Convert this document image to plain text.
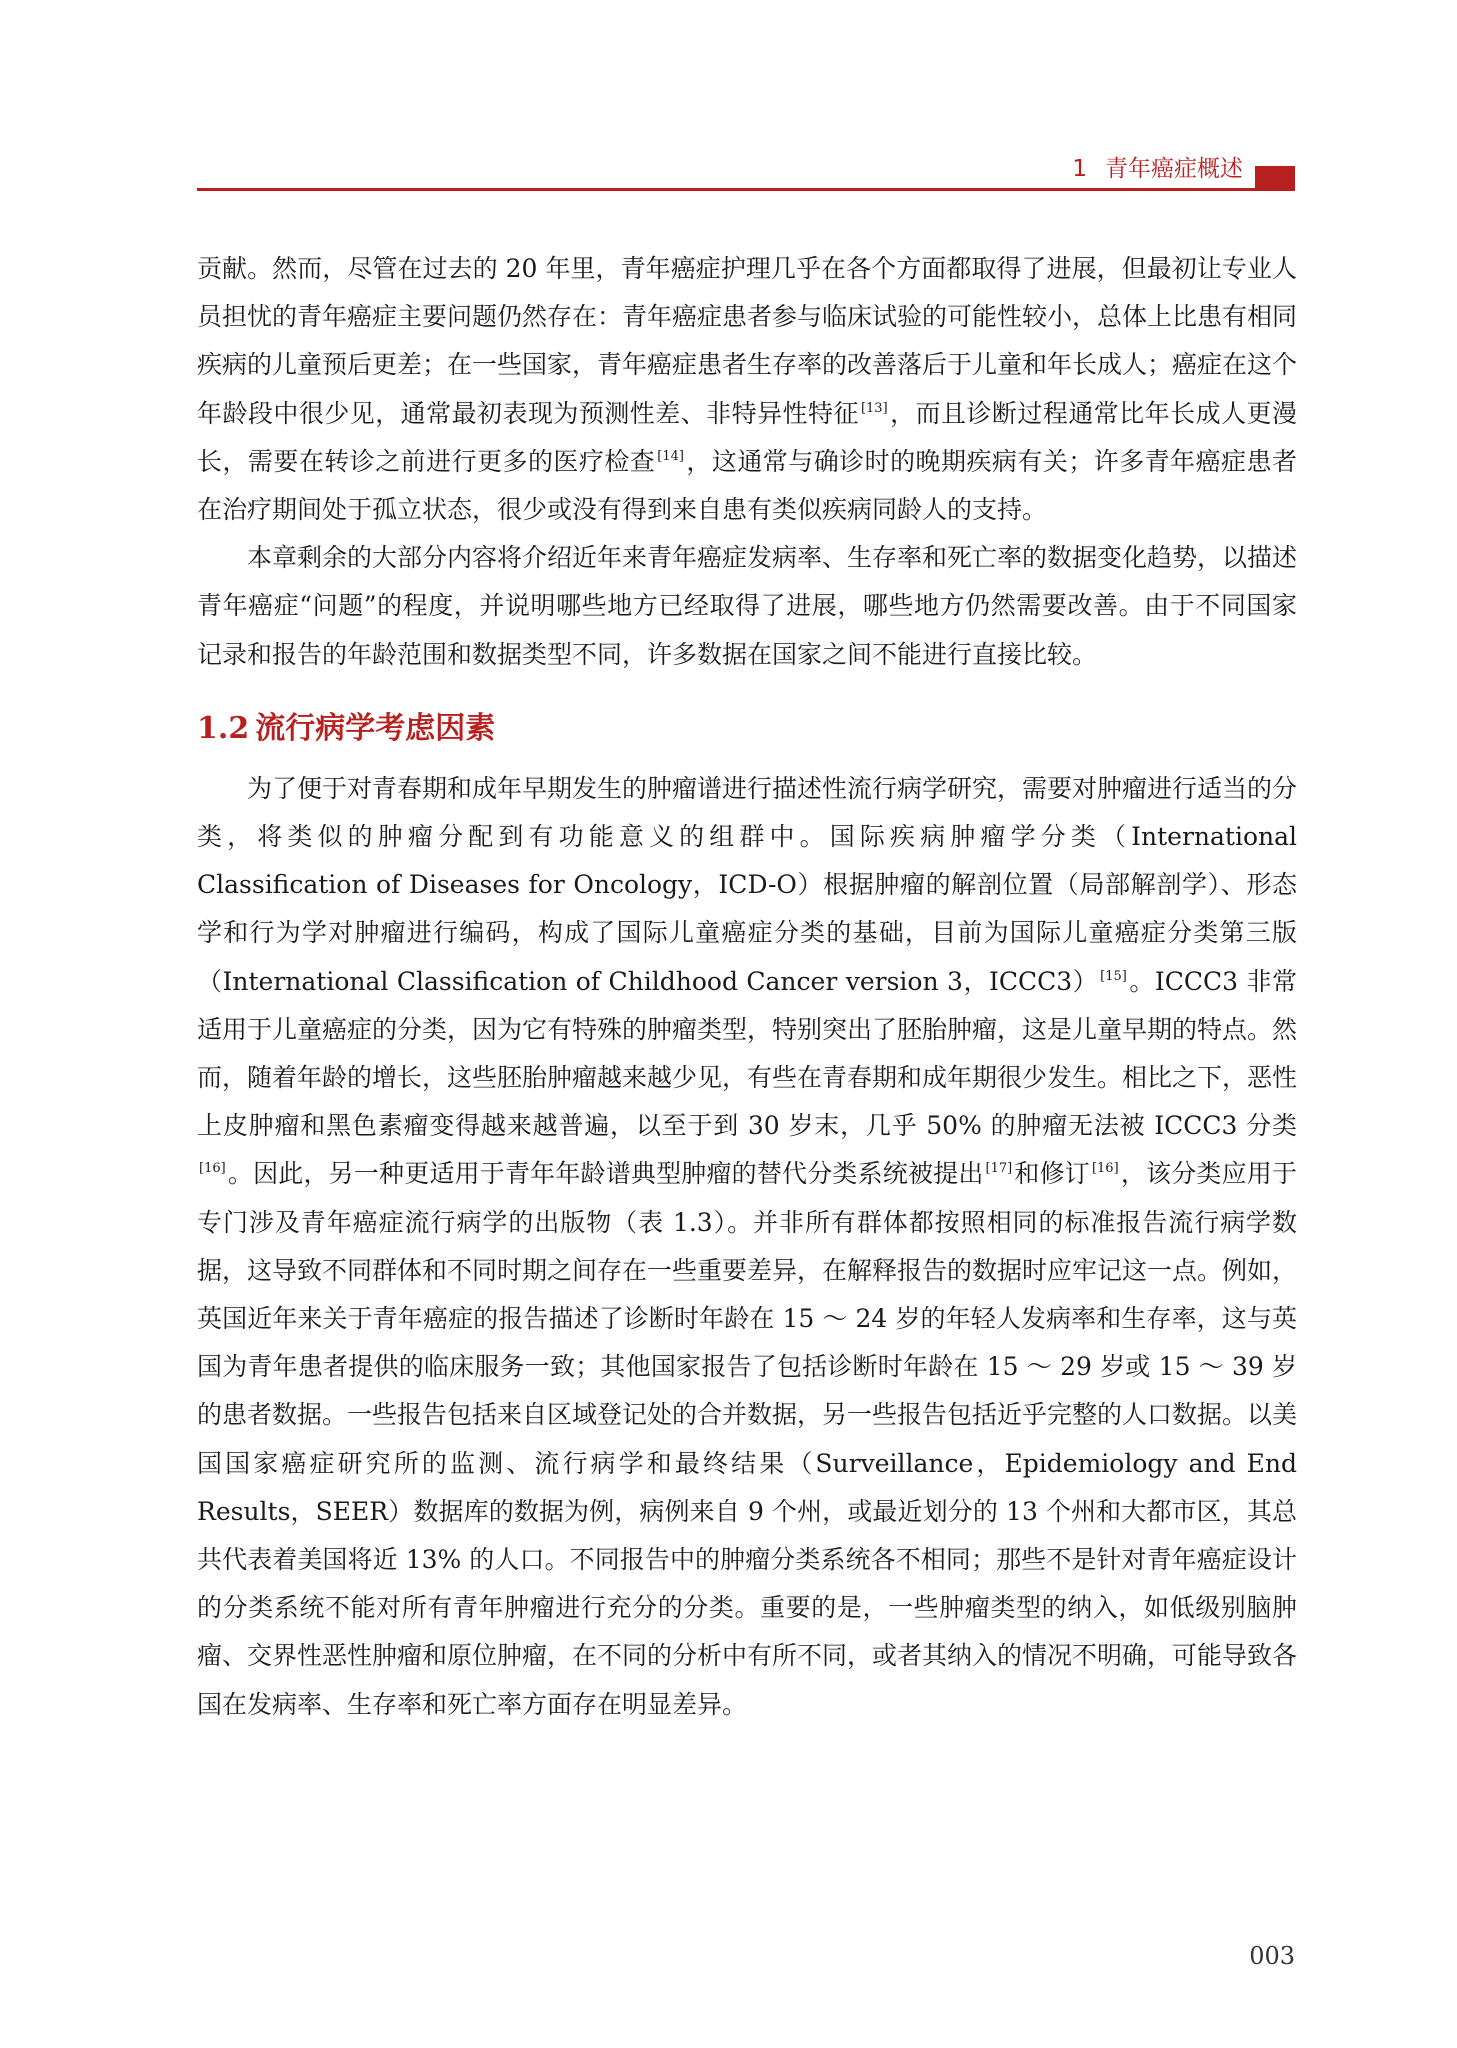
1 青年癌症概述

贡献。然而，尽管在过去的 20 年里，青年癌症护理几乎在各个方面都取得了进展，但最初让专业人员担忧的青年癌症主要问题仍然存在：青年癌症患者参与临床试验的可能性较小，总体上比患有相同疾病的儿童预后更差；在一些国家，青年癌症患者生存率的改善落后于儿童和年长成人；癌症在这个年龄段中很少见，通常最初表现为预测性差、非特异性特征 [13]，而且诊断过程通常比年长成人更漫长，需要在转诊之前进行更多的医疗检查 [14]，这通常与确诊时的晚期疾病有关；许多青年癌症患者在治疗期间处于孤立状态，很少或没有得到来自患有类似疾病同龄人的支持。

本章剩余的大部分内容将介绍近年来青年癌症发病率、生存率和死亡率的数据变化趋势，以描述青年癌症“问题”的程度，并说明哪些地方已经取得了进展，哪些地方仍然需要改善。由于不同国家记录和报告的年龄范围和数据类型不同，许多数据在国家之间不能进行直接比较。

1.2 流行病学考虑因素

为了便于对青春期和成年早期发生的肿瘤谱进行描述性流行病学研究，需要对肿瘤进行适当的分类，将类似的肿瘤分配到有功能意义的组群中。国际疾病肿瘤学分类（International Classification of Diseases for Oncology，ICD-O）根据肿瘤的解剖位置（局部解剖学）、形态学和行为学对肿瘤进行编码，构成了国际儿童癌症分类的基础，目前为国际儿童癌症分类第三版（International Classification of Childhood Cancer version 3，ICCC3） [15]。ICCC3 非常适用于儿童癌症的分类，因为它有特殊的肿瘤类型，特别突出了胚胎肿瘤，这是儿童早期的特点。然而，随着年龄的增长，这些胚胎肿瘤越来越少见，有些在青春期和成年期很少发生。相比之下，恶性上皮肿瘤和黑色素瘤变得越来越普遍，以至于到 30 岁末，几乎 50% 的肿瘤无法被 ICCC3 分类[16]。因此，另一种更适用于青年年龄谱典型肿瘤的替代分类系统被提出 [17]和修订 [16]，该分类应用于专门涉及青年癌症流行病学的出版物（表 1.3）。并非所有群体都按照相同的标准报告流行病学数据，这导致不同群体和不同时期之间存在一些重要差异，在解释报告的数据时应牢记这一点。例如，英国近年来关于青年癌症的报告描述了诊断时年龄在 15 ～ 24 岁的年轻人发病率和生存率，这与英国为青年患者提供的临床服务一致；其他国家报告了包括诊断时年龄在 15 ～ 29 岁或 15 ～ 39 岁的患者数据。一些报告包括来自区域登记处的合并数据，另一些报告包括近乎完整的人口数据。以美国国家癌症研究所的监测、流行病学和最终结果（Surveillance，Epidemiology and End Results，SEER）数据库的数据为例，病例来自 9 个州，或最近划分的 13 个州和大都市区，其总共代表着美国将近 13% 的人口。不同报告中的肿瘤分类系统各不相同；那些不是针对青年癌症设计的分类系统不能对所有青年肿瘤进行充分的分类。重要的是，一些肿瘤类型的纳入，如低级别脑肿瘤、交界性恶性肿瘤和原位肿瘤，在不同的分析中有所不同，或者其纳入的情况不明确，可能导致各国在发病率、生存率和死亡率方面存在明显差异。

003
